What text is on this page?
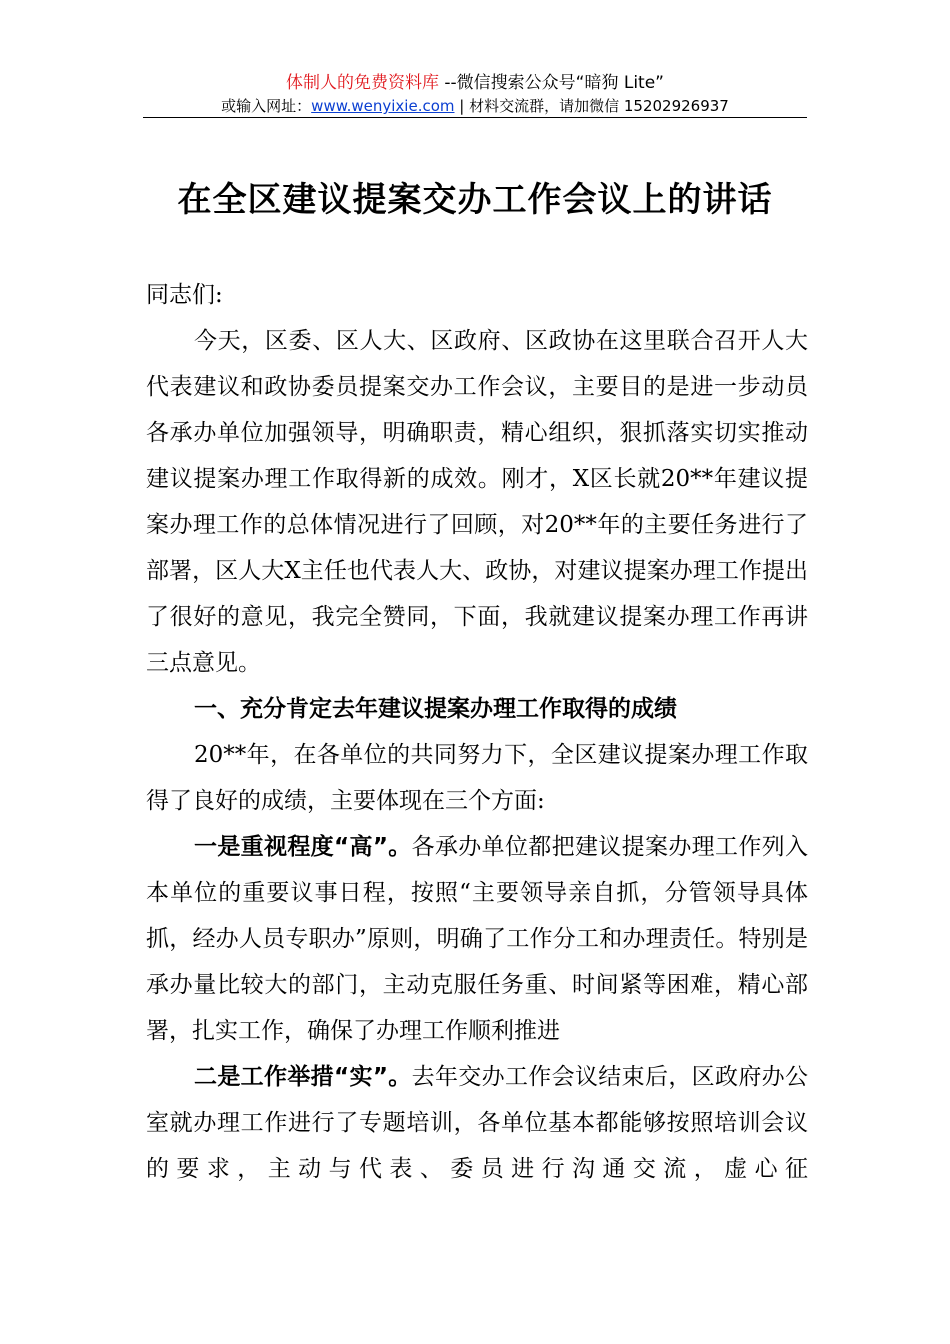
体制人的免费资料库 --微信搜索公众号“暗狗 Lite”
或输入网址：www.wenyixie.com | 材料交流群，请加微信 15202926937
在全区建议提案交办工作会议上的讲话

同志们:

今天，区委、区人大、区政府、区政协在这里联合召开人大代表建议和政协委员提案交办工作会议，主要目的是进一步动员各承办单位加强领导，明确职责，精心组织，狠抓落实切实推动建议提案办理工作取得新的成效。刚才，X区长就20**年建议提案办理工作的总体情况进行了回顾，对20**年的主要任务进行了部署，区人大X主任也代表人大、政协，对建议提案办理工作提出了很好的意见，我完全赞同，下面，我就建议提案办理工作再讲三点意见。

一、充分肯定去年建议提案办理工作取得的成绩

20**年，在各单位的共同努力下，全区建议提案办理工作取得了良好的成绩，主要体现在三个方面:

一是重视程度“高”。各承办单位都把建议提案办理工作列入本单位的重要议事日程，按照“主要领导亲自抓，分管领导具体抓，经办人员专职办”原则，明确了工作分工和办理责任。特别是承办量比较大的部门，主动克服任务重、时间紧等困难，精心部署，扎实工作，确保了办理工作顺利推进

二是工作举措“实”。去年交办工作会议结束后，区政府办公室就办理工作进行了专题培训，各单位基本都能够按照培训会议的要求，主动与代表、委员进行沟通交流，虚心征
